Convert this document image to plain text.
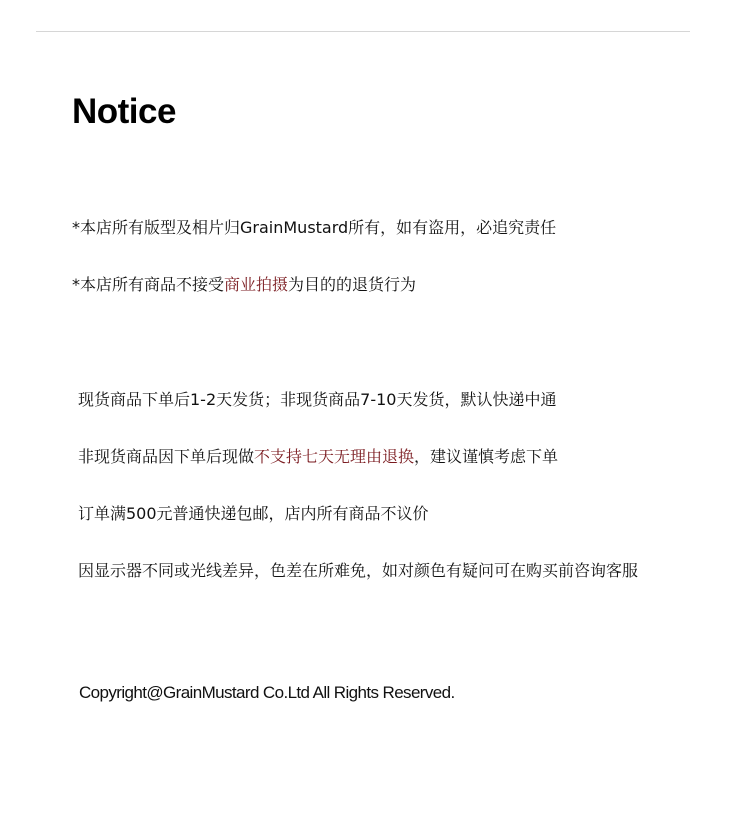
Notice
*本店所有版型及相片归GrainMustard所有，如有盗用，必追究责任
*本店所有商品不接受商业拍摄为目的的退货行为
现货商品下单后1-2天发货；非现货商品7-10天发货，默认快递中通
非现货商品因下单后现做不支持七天无理由退换，建议谨慎考虑下单
订单满500元普通快递包邮，店内所有商品不议价
因显示器不同或光线差异，色差在所难免，如对颜色有疑问可在购买前咨询客服
Copyright@GrainMustard Co.Ltd All Rights Reserved.
